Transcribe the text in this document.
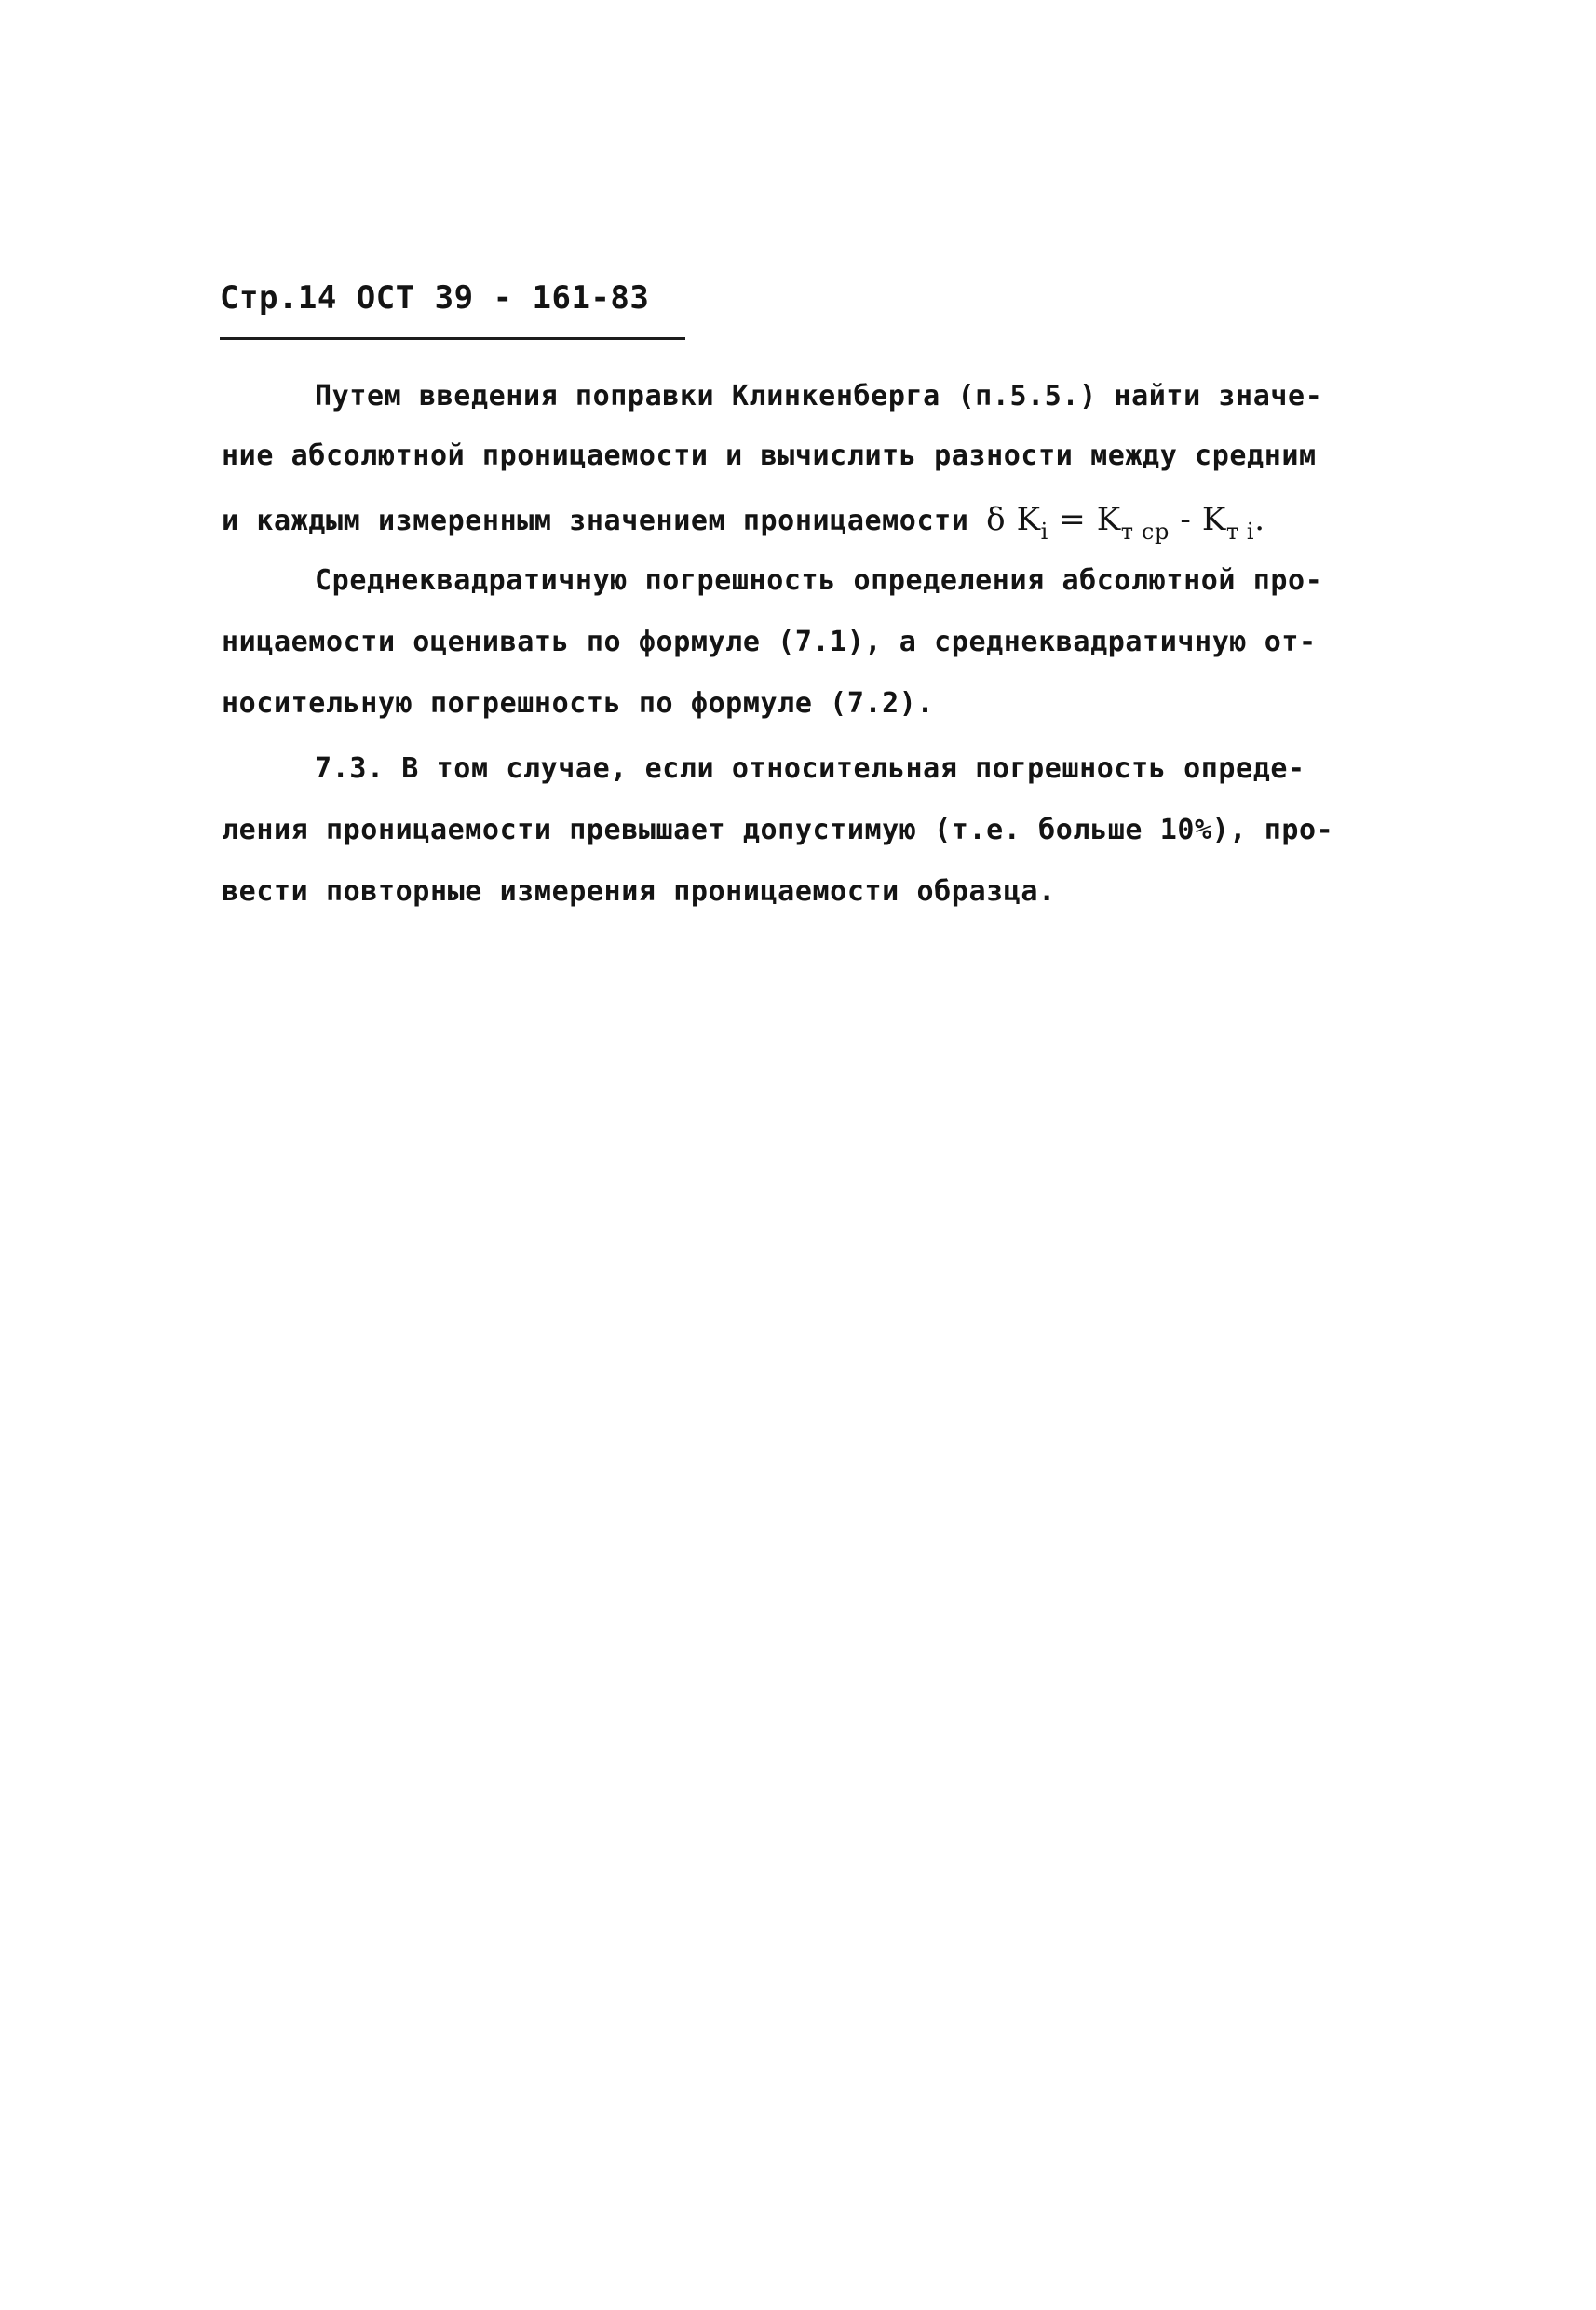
Стр.14 ОСТ 39 - 161-83
Путем введения поправки Клинкенберга (п.5.5.) найти значе-
ние абсолютной проницаемости и вычислить разности между средним
и каждым измеренным значением проницаемости δ $K_i = K_{т ср} - K_{т i}$.
Среднеквадратичную погрешность определения абсолютной про-
ницаемости оценивать по формуле (7.1), а среднеквадратичную от-
носительную погрешность по формуле (7.2).
7.3. В том случае, если относительная погрешность опреде-
ления проницаемости превышает допустимую (т.е. больше 10%), про-
вести повторные измерения проницаемости образца.
